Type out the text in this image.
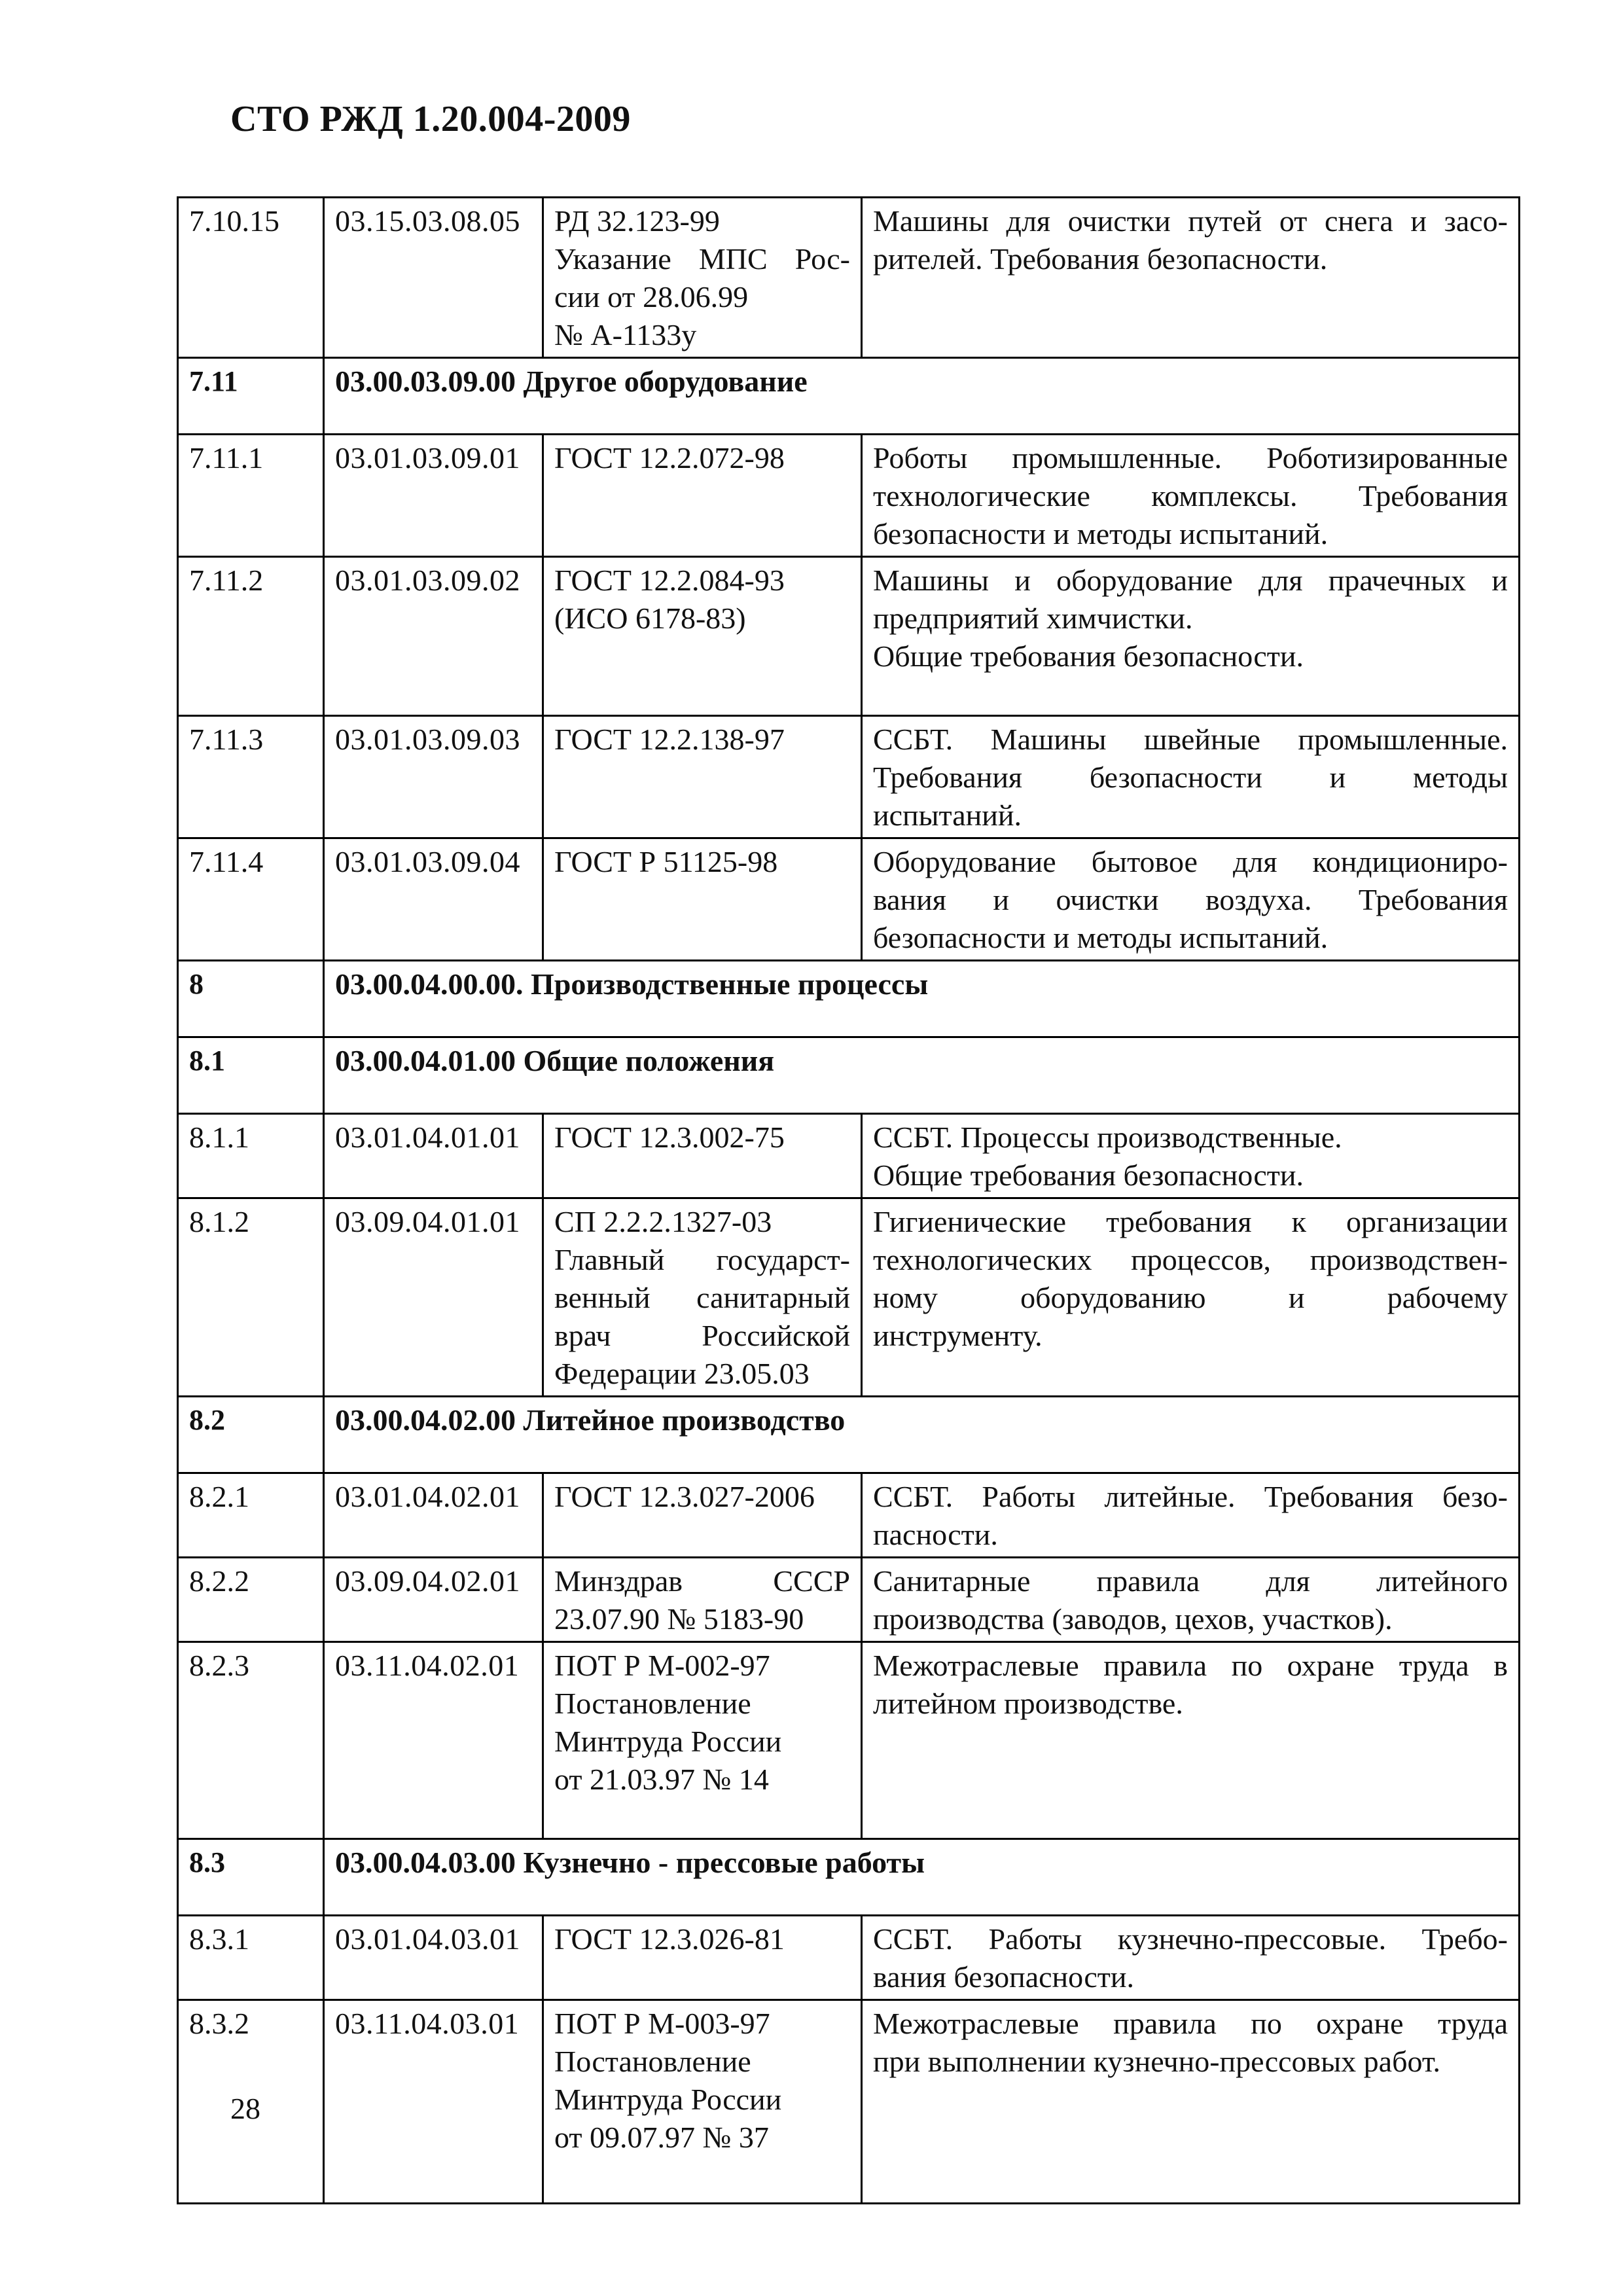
СТО РЖД 1.20.004-2009
7.10.15	03.15.03.08.05	РД 32.123-99
Указание МПС Рос-
сии от 28.06.99
№ А-1133у	Машины для очистки путей от снега и засо-
рителей. Требования безопасности.

7.11	03.00.03.09.00 Другое оборудование		
7.11.1	03.01.03.09.01	ГОСТ 12.2.072-98	Роботы промышленные. Роботизированные
технологические комплексы. Требования
безопасности и методы испытаний.

7.11.2	03.01.03.09.02	ГОСТ 12.2.084-93
(ИСО 6178-83)	Машины и оборудование для прачечных и
предприятий химчистки.
Общие требования безопасности.

7.11.3	03.01.03.09.03	ГОСТ 12.2.138-97	ССБТ. Машины швейные промышленные.
Требования безопасности и методы
испытаний.

7.11.4	03.01.03.09.04	ГОСТ Р 51125-98	Оборудование бытовое для кондициониро-
вания и очистки воздуха. Требования
безопасности и методы испытаний.

8	03.00.04.00.00. Производственные процессы		
8.1	03.00.04.01.00 Общие положения		
8.1.1	03.01.04.01.01	ГОСТ 12.3.002-75	ССБТ. Процессы производственные.
Общие требования безопасности.

8.1.2	03.09.04.01.01	СП 2.2.2.1327-03
Главный государст-
венный санитарный
врач Российской
Федерации 23.05.03	Гигиенические требования к организации
технологических процессов, производствен-
ному оборудованию и рабочему
инструменту.

8.2	03.00.04.02.00 Литейное производство		
8.2.1	03.01.04.02.01	ГОСТ 12.3.027-2006	ССБТ. Работы литейные. Требования безо-
пасности.

8.2.2	03.09.04.02.01	Минздрав СССР
23.07.90 № 5183-90	Санитарные правила для литейного
производства (заводов, цехов, участков).

8.2.3	03.11.04.02.01	ПОТ Р М-002-97
Постановление
Минтруда России
от 21.03.97 № 14	Межотраслевые правила по охране труда в
литейном производстве.

8.3	03.00.04.03.00 Кузнечно - прессовые работы		
8.3.1	03.01.04.03.01	ГОСТ 12.3.026-81	ССБТ. Работы кузнечно-прессовые. Требо-
вания безопасности.

8.3.2	03.11.04.03.01	ПОТ Р М-003-97
Постановление
Минтруда России
от 09.07.97 № 37	Межотраслевые правила по охране труда
при выполнении кузнечно-прессовых работ.
28
